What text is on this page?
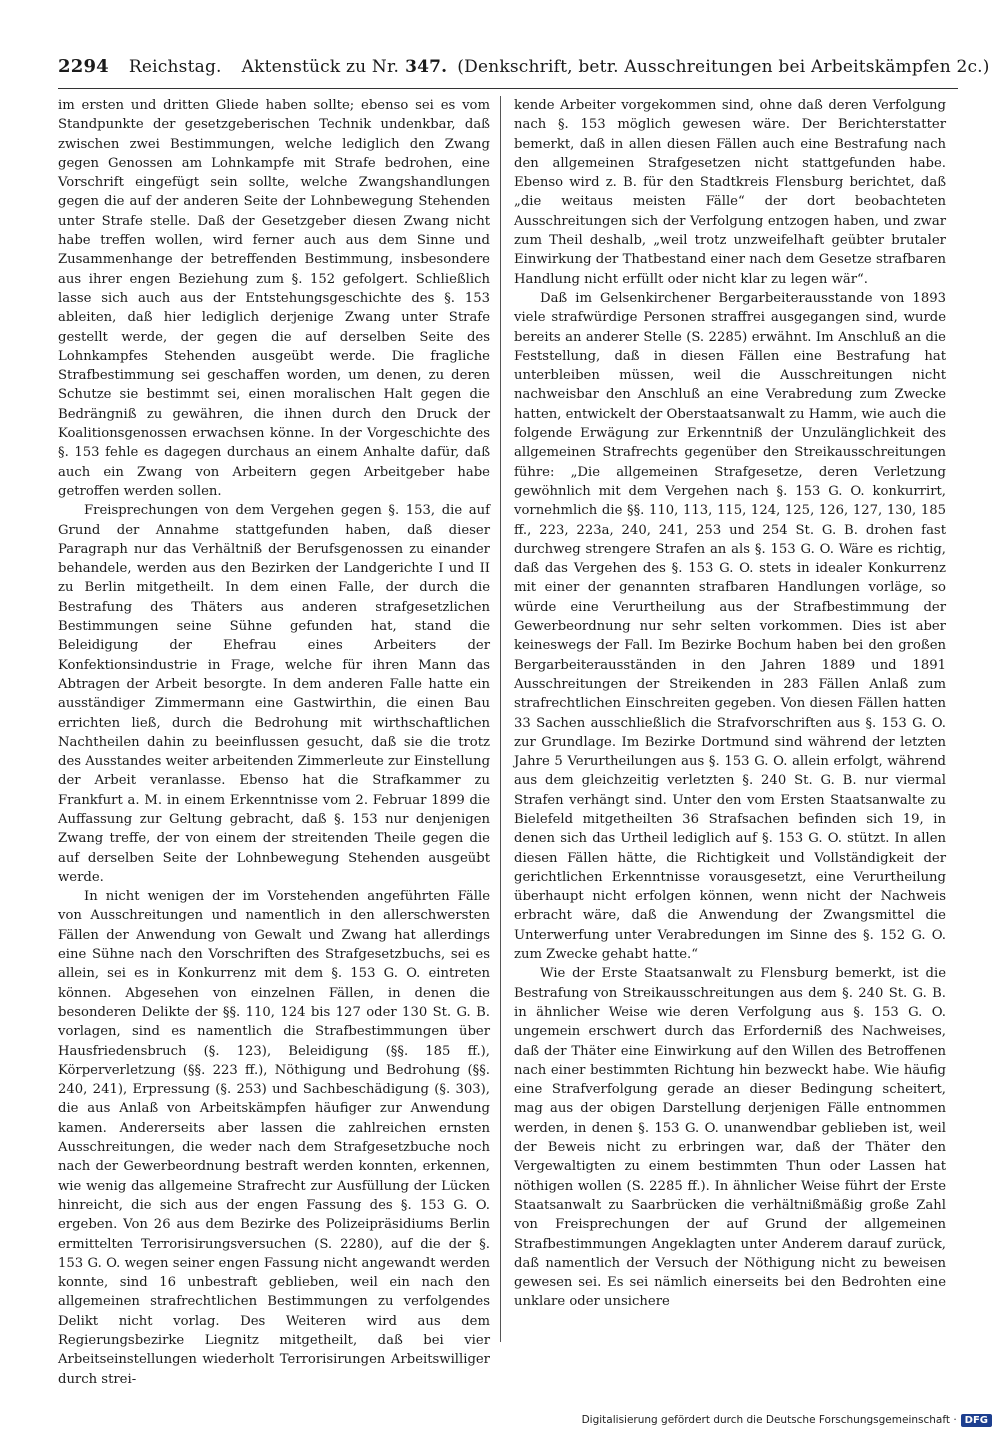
2294 Reichstag. Aktenstück zu Nr. 347. (Denkschrift, betr. Ausschreitungen bei Arbeitskämpfen 2c.)

im ersten und dritten Gliede haben sollte; ebenso sei es vom Standpunkte der gesetzgeberischen Technik undenkbar, daß zwischen zwei Bestimmungen, welche lediglich den Zwang gegen Genossen am Lohnkampfe mit Strafe bedrohen, eine Vorschrift eingefügt sein sollte, welche Zwangshandlungen gegen die auf der anderen Seite der Lohnbewegung Stehenden unter Strafe stelle. Daß der Gesetzgeber diesen Zwang nicht habe treffen wollen, wird ferner auch aus dem Sinne und Zusammenhange der betreffenden Bestimmung, insbesondere aus ihrer engen Beziehung zum §. 152 gefolgert. Schließlich lasse sich auch aus der Entstehungsgeschichte des §. 153 ableiten, daß hier lediglich derjenige Zwang unter Strafe gestellt werde, der gegen die auf derselben Seite des Lohnkampfes Stehenden ausgeübt werde. Die fragliche Strafbestimmung sei geschaffen worden, um denen, zu deren Schutze sie bestimmt sei, einen moralischen Halt gegen die Bedrängniß zu gewähren, die ihnen durch den Druck der Koalitionsgenossen erwachsen könne. In der Vorgeschichte des §. 153 fehle es dagegen durchaus an einem Anhalte dafür, daß auch ein Zwang von Arbeitern gegen Arbeitgeber habe getroffen werden sollen.

Freisprechungen von dem Vergehen gegen §. 153, die auf Grund der Annahme stattgefunden haben, daß dieser Paragraph nur das Verhältniß der Berufsgenossen zu einander behandele, werden aus den Bezirken der Landgerichte I und II zu Berlin mitgetheilt. In dem einen Falle, der durch die Bestrafung des Thäters aus anderen strafgesetzlichen Bestimmungen seine Sühne gefunden hat, stand die Beleidigung der Ehefrau eines Arbeiters der Konfektionsindustrie in Frage, welche für ihren Mann das Abtragen der Arbeit besorgte. In dem anderen Falle hatte ein ausständiger Zimmermann eine Gastwirthin, die einen Bau errichten ließ, durch die Bedrohung mit wirthschaftlichen Nachtheilen dahin zu beeinflussen gesucht, daß sie die trotz des Ausstandes weiter arbeitenden Zimmerleute zur Einstellung der Arbeit veranlasse. Ebenso hat die Strafkammer zu Frankfurt a. M. in einem Erkenntnisse vom 2. Februar 1899 die Auffassung zur Geltung gebracht, daß §. 153 nur denjenigen Zwang treffe, der von einem der streitenden Theile gegen die auf derselben Seite der Lohnbewegung Stehenden ausgeübt werde.

In nicht wenigen der im Vorstehenden angeführten Fälle von Ausschreitungen und namentlich in den allerschwersten Fällen der Anwendung von Gewalt und Zwang hat allerdings eine Sühne nach den Vorschriften des Strafgesetzbuchs, sei es allein, sei es in Konkurrenz mit dem §. 153 G. O. eintreten können. Abgesehen von einzelnen Fällen, in denen die besonderen Delikte der §§. 110, 124 bis 127 oder 130 St. G. B. vorlagen, sind es namentlich die Strafbestimmungen über Hausfriedensbruch (§. 123), Beleidigung (§§. 185 ff.), Körperverletzung (§§. 223 ff.), Nöthigung und Bedrohung (§§. 240, 241), Erpressung (§. 253) und Sachbeschädigung (§. 303), die aus Anlaß von Arbeitskämpfen häufiger zur Anwendung kamen. Andererseits aber lassen die zahlreichen ernsten Ausschreitungen, die weder nach dem Strafgesetzbuche noch nach der Gewerbeordnung bestraft werden konnten, erkennen, wie wenig das allgemeine Strafrecht zur Ausfüllung der Lücken hinreicht, die sich aus der engen Fassung des §. 153 G. O. ergeben. Von 26 aus dem Bezirke des Polizeipräsidiums Berlin ermittelten Terrorisirungsversuchen (S. 2280), auf die der §. 153 G. O. wegen seiner engen Fassung nicht angewandt werden konnte, sind 16 unbestraft geblieben, weil ein nach den allgemeinen strafrechtlichen Bestimmungen zu verfolgendes Delikt nicht vorlag. Des Weiteren wird aus dem Regierungsbezirke Liegnitz mitgetheilt, daß bei vier Arbeitseinstellungen wiederholt Terrorisirungen Arbeitswilliger durch strei-

kende Arbeiter vorgekommen sind, ohne daß deren Verfolgung nach §. 153 möglich gewesen wäre. Der Berichterstatter bemerkt, daß in allen diesen Fällen auch eine Bestrafung nach den allgemeinen Strafgesetzen nicht stattgefunden habe. Ebenso wird z. B. für den Stadtkreis Flensburg berichtet, daß „die weitaus meisten Fälle“ der dort beobachteten Ausschreitungen sich der Verfolgung entzogen haben, und zwar zum Theil deshalb, „weil trotz unzweifelhaft geübter brutaler Einwirkung der Thatbestand einer nach dem Gesetze strafbaren Handlung nicht erfüllt oder nicht klar zu legen wär“.

Daß im Gelsenkirchener Bergarbeiterausstande von 1893 viele strafwürdige Personen straffrei ausgegangen sind, wurde bereits an anderer Stelle (S. 2285) erwähnt. Im Anschluß an die Feststellung, daß in diesen Fällen eine Bestrafung hat unterbleiben müssen, weil die Ausschreitungen nicht nachweisbar den Anschluß an eine Verabredung zum Zwecke hatten, entwickelt der Oberstaatsanwalt zu Hamm, wie auch die folgende Erwägung zur Erkenntniß der Unzulänglichkeit des allgemeinen Strafrechts gegenüber den Streikausschreitungen führe: „Die allgemeinen Strafgesetze, deren Verletzung gewöhnlich mit dem Vergehen nach §. 153 G. O. konkurrirt, vornehmlich die §§. 110, 113, 115, 124, 125, 126, 127, 130, 185 ff., 223, 223a, 240, 241, 253 und 254 St. G. B. drohen fast durchweg strengere Strafen an als §. 153 G. O. Wäre es richtig, daß das Vergehen des §. 153 G. O. stets in idealer Konkurrenz mit einer der genannten strafbaren Handlungen vorläge, so würde eine Verurtheilung aus der Strafbestimmung der Gewerbeordnung nur sehr selten vorkommen. Dies ist aber keineswegs der Fall. Im Bezirke Bochum haben bei den großen Bergarbeiterausständen in den Jahren 1889 und 1891 Ausschreitungen der Streikenden in 283 Fällen Anlaß zum strafrechtlichen Einschreiten gegeben. Von diesen Fällen hatten 33 Sachen ausschließlich die Strafvorschriften aus §. 153 G. O. zur Grundlage. Im Bezirke Dortmund sind während der letzten Jahre 5 Verurtheilungen aus §. 153 G. O. allein erfolgt, während aus dem gleichzeitig verletzten §. 240 St. G. B. nur viermal Strafen verhängt sind. Unter den vom Ersten Staatsanwalte zu Bielefeld mitgetheilten 36 Strafsachen befinden sich 19, in denen sich das Urtheil lediglich auf §. 153 G. O. stützt. In allen diesen Fällen hätte, die Richtigkeit und Vollständigkeit der gerichtlichen Erkenntnisse vorausgesetzt, eine Verurtheilung überhaupt nicht erfolgen können, wenn nicht der Nachweis erbracht wäre, daß die Anwendung der Zwangsmittel die Unterwerfung unter Verabredungen im Sinne des §. 152 G. O. zum Zwecke gehabt hatte.“

Wie der Erste Staatsanwalt zu Flensburg bemerkt, ist die Bestrafung von Streikausschreitungen aus dem §. 240 St. G. B. in ähnlicher Weise wie deren Verfolgung aus §. 153 G. O. ungemein erschwert durch das Erforderniß des Nachweises, daß der Thäter eine Einwirkung auf den Willen des Betroffenen nach einer bestimmten Richtung hin bezweckt habe. Wie häufig eine Strafverfolgung gerade an dieser Bedingung scheitert, mag aus der obigen Darstellung derjenigen Fälle entnommen werden, in denen §. 153 G. O. unanwendbar geblieben ist, weil der Beweis nicht zu erbringen war, daß der Thäter den Vergewaltigten zu einem bestimmten Thun oder Lassen hat nöthigen wollen (S. 2285 ff.). In ähnlicher Weise führt der Erste Staatsanwalt zu Saarbrücken die verhältnißmäßig große Zahl von Freisprechungen der auf Grund der allgemeinen Strafbestimmungen Angeklagten unter Anderem darauf zurück, daß namentlich der Versuch der Nöthigung nicht zu beweisen gewesen sei. Es sei nämlich einerseits bei den Bedrohten eine unklare oder unsichere

Digitalisierung gefördert durch die Deutsche Forschungsgemeinschaft · DFG
